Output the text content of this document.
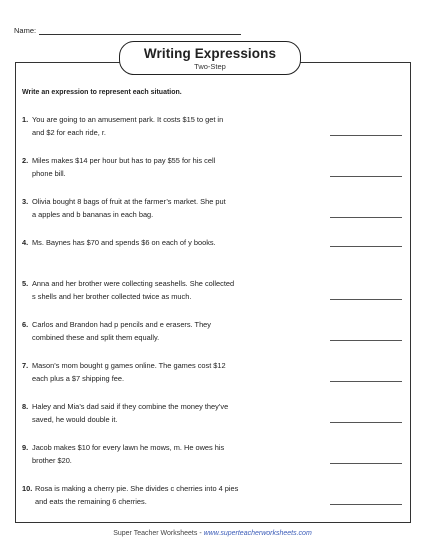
Name:
Writing Expressions
Two-Step
Write an expression to represent each situation.
1. You are going to an amusement park. It costs $15 to get in
and $2 for each ride, r.
2. Miles makes $14 per hour but has to pay $55 for his cell
phone bill.
3. Olivia bought 8 bags of fruit at the farmer’s market. She put
a apples and b bananas in each bag.
4. Ms. Baynes has $70 and spends $6 on each of y books.
5. Anna and her brother were collecting seashells. She collected
s shells and her brother collected twice as much.
6. Carlos and Brandon had p pencils and e erasers. They
combined these and split them equally.
7. Mason’s mom bought g games online. The games cost $12
each plus a $7 shipping fee.
8. Haley and Mia’s dad said if they combine the money they’ve
saved, he would double it.
9. Jacob makes $10 for every lawn he mows, m. He owes his
brother $20.
10. Rosa is making a cherry pie. She divides c cherries into 4 pies
and eats the remaining 6 cherries.
Super Teacher Worksheets - www.superteacherworksheets.com
